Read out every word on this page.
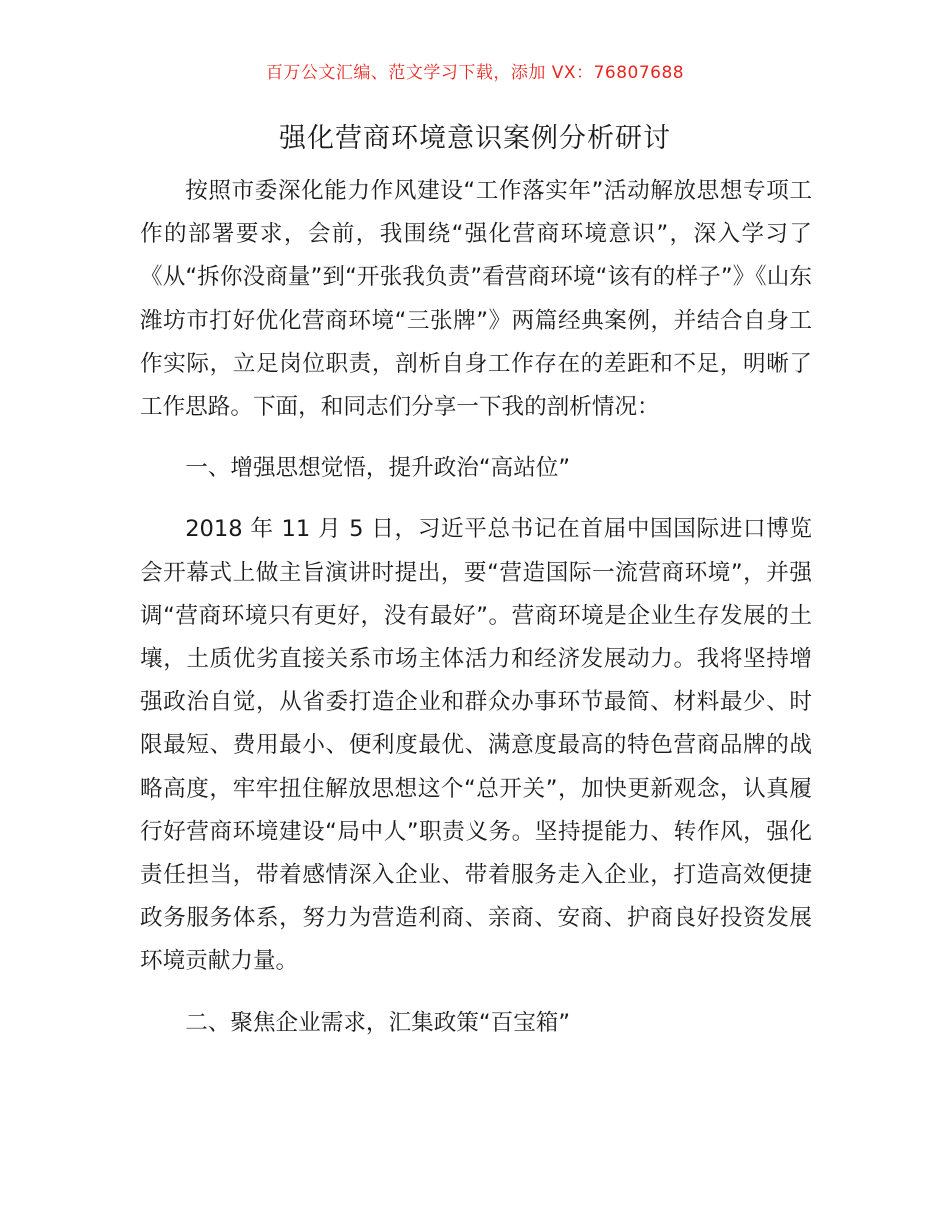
百万公文汇编、范文学习下载，添加 VX：76807688
强化营商环境意识案例分析研讨

按照市委深化能力作风建设“工作落实年”活动解放思想专项工作的部署要求，会前，我围绕“强化营商环境意识”，深入学习了《从“拆你没商量”到“开张我负责”看营商环境“该有的样子”》《山东潍坊市打好优化营商环境“三张牌”》两篇经典案例，并结合自身工作实际，立足岗位职责，剖析自身工作存在的差距和不足，明晰了工作思路。下面，和同志们分享一下我的剖析情况：

一、增强思想觉悟，提升政治“高站位”

2018 年 11 月 5 日，习近平总书记在首届中国国际进口博览会开幕式上做主旨演讲时提出，要“营造国际一流营商环境”，并强调“营商环境只有更好，没有最好”。营商环境是企业生存发展的土壤，土质优劣直接关系市场主体活力和经济发展动力。我将坚持增强政治自觉，从省委打造企业和群众办事环节最简、材料最少、时限最短、费用最小、便利度最优、满意度最高的特色营商品牌的战略高度，牢牢扭住解放思想这个“总开关”，加快更新观念，认真履行好营商环境建设“局中人”职责义务。坚持提能力、转作风，强化责任担当，带着感情深入企业、带着服务走入企业，打造高效便捷政务服务体系，努力为营造利商、亲商、安商、护商良好投资发展环境贡献力量。

二、聚焦企业需求，汇集政策“百宝箱”
